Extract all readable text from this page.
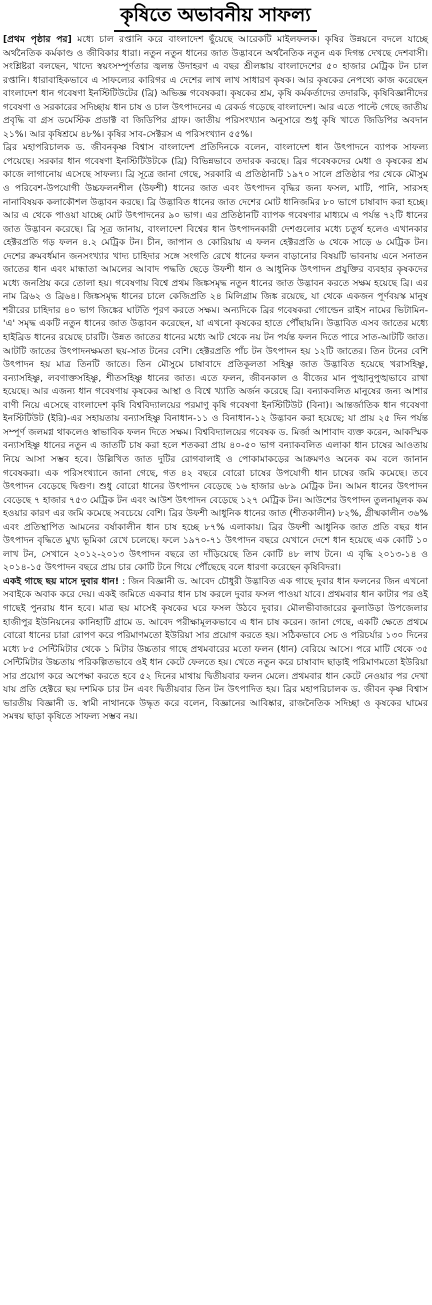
কৃষিতে অভাবনীয় সাফল্য

[প্রথম পৃষ্ঠার পর] মধ্যে চাল রপ্তানি করে বাংলাদেশ ছুঁয়েছে আরেকটি মাইলফলক। কৃষির উন্নয়নে বদলে যাচ্ছে অর্থনৈতিক কর্মকাণ্ড ও জীবিকার ধারা। নতুন নতুন ধানের জাত উদ্ভাবনে অর্থনৈতিক নতুন এক দিগন্ত দেখছে দেশবাসী। সংশ্লিষ্টরা বলছেন, খাদ্যে স্বয়ংসম্পূর্ণতার জ্বলন্ত উদাহরণ এ বছর শ্রীলঙ্কায় বাংলাদেশের ৫০ হাজার মেট্রিক টন চাল রপ্তানি। ধারাবাহিকভাবে এ সাফল্যের কারিগর এ দেশের লাখ লাখ সাধারণ কৃষক। আর কৃষকের নেপথ্যে কাজ করেছেন বাংলাদেশ ধান গবেষণা ইনস্টিটিউটের (ব্রি) অভিজ্ঞ গবেষকরা। কৃষকের শ্রম, কৃষি কর্মকর্তাদের তদারকি, কৃষিবিজ্ঞানীদের গবেষণা ও সরকারের সদিচ্ছায় ধান চাষ ও চাল উৎপাদনের এ রেকর্ড গড়েছে বাংলাদেশ। আর এতে পাল্টে গেছে জাতীয় প্রবৃদ্ধি বা গ্রস ডমেস্টিক প্রডাক্ট বা জিডিপির গ্রাফ। জাতীয় পরিসংখ্যান অনুসারে শুধু কৃষি খাতে জিডিপির অবদান ২১%। আর কৃষিশ্রমে ৪৮%। কৃষির সাব-সেক্টরস এ পরিসংখ্যান ৫৫%।

ব্রির মহাপরিচালক ড. জীবনকৃষ্ণ বিশ্বাস বাংলাদেশ প্রতিদিনকে বলেন, বাংলাদেশ ধান উৎপাদনে ব্যাপক সাফল্য পেয়েছে। সরকার ধান গবেষণা ইনস্টিটিউটকে (ব্রি) বিভিন্নভাবে তদারক করছে। ব্রির গবেষকদের মেধা ও কৃষকের শ্রম কাজে লাগানোয় এসেছে সাফল্য। ব্রি সূত্রে জানা গেছে, সরকারি এ প্রতিষ্ঠানটি ১৯৭০ সালে প্রতিষ্ঠার পর থেকে মৌসুম ও পরিবেশ-উপযোগী উচ্চফলনশীল (উফশী) ধানের জাত এবং উৎপাদন বৃদ্ধির জন্য ফসল, মাটি, পানি, সারসহ নানাবিষয়ক কলাকৌশল উদ্ভাবন করছে। ব্রি উদ্ভাবিত ধানের জাত দেশের মোট ধানিজমির ৮০ ভাগে চাষাবাদ করা হচ্ছে। আর এ থেকে পাওয়া যাচ্ছে মোট উৎপাদনের ৯০ ভাগ। এর প্রতিষ্ঠানটি ব্যাপক গবেষণার মাধ্যমে এ পর্যন্ত ৭২টি ধানের জাত উদ্ভাবন করেছে। ব্রি সূত্র জানায়, বাংলাদেশ বিশ্বের ধান উৎপাদনকারী দেশগুলোর মধ্যে চতুর্থ হলেও এখানকার হেক্টরপ্রতি গড় ফলন ৪.২ মেট্রিক টন। চীন, জাপান ও কোরিয়ায় এ ফলন হেক্টরপ্রতি ৬ থেকে সাড়ে ৬ মেট্রিক টন। দেশের ক্রমবর্ধমান জনসংখ্যার খাদ্য চাহিদার সঙ্গে সংগতি রেখে ধানের ফলন বাড়ানোর বিষয়টি ভাবনায় এনে সনাতন জাতের ধান এবং মান্ধাতা আমলের আবাদ পদ্ধতি ছেড়ে উফশী ধান ও আধুনিক উৎপাদন প্রযুক্তির ব্যবহার কৃষকদের মধ্যে জনপ্রিয় করে তোলা হয়। গবেষণায় বিশ্বে প্রথম জিঙ্কসমৃদ্ধ নতুন ধানের জাত উদ্ভাবন করতে সক্ষম হয়েছে ব্রি। এর নাম ব্রি৬২ ও ব্রি৬৪। জিঙ্কসমৃদ্ধ ধানের চালে কেজিপ্রতি ২৪ মিলিগ্রাম জিঙ্ক রয়েছে, যা থেকে একজন পূর্ণবয়স্ক মানুষ শরীরের চাহিদার ৪০ ভাগ জিঙ্কের ঘাটতি পূরণ করতে সক্ষম। অন্যদিকে ব্রির গবেষকরা গোল্ডেন রাইস নামের ভিটামিন-'এ' সমৃদ্ধ একটি নতুন ধানের জাত উদ্ভাবন করেছেন, যা এখনো কৃষকের হাতে পৌঁছায়নি। উদ্ভাবিত এসব জাতের মধ্যে হাইব্রিড ধানের রয়েছে চারটি। উন্নত জাতের ধানের মধ্যে আট থেকে নয় টন পর্যন্ত ফলন দিতে পারে সাত-আটটি জাত। আটটি জাতের উৎপাদনক্ষমতা ছয়-সাত টনের বেশি। হেক্টরপ্রতি পাঁচ টন উৎপাদন হয় ১২টি জাতের। তিন টনের বেশি উৎপাদন হয় মাত্র তিনটি জাতে। তিন মৌসুমে চাষাবাদে প্রতিকূলতা সহিষ্ণু জাত উদ্ভাবিত হয়েছে খরাসহিষ্ণু, বন্যাসহিষ্ণু, লবণাক্তসহিষ্ণু, শীতসহিষ্ণু ধানের জাত। এতে ফলন, জীবনকাল ও বীজের মান পুঙ্খানুপুঙ্খভাবে রাখা হয়েছে। আর এজন্য ধান গবেষণায় কৃষকের আস্থা ও বিশ্বে খ্যাতি অর্জন করেছে ব্রি। বন্যাকবলিত মানুষের জন্য আশার বাণী নিয়ে এসেছে বাংলাদেশ কৃষি বিশ্ববিদ্যালয়ের পরমাণু কৃষি গবেষণা ইনস্টিটিউট (বিনা)। আন্তর্জাতিক ধান গবেষণা ইনস্টিটিউট (ইরি)-এর সহায়তায় বন্যাসহিষ্ণু বিনাধান-১১ ও বিনাধান-১২ উদ্ভাবন করা হয়েছে; যা প্রায় ২৫ দিন পর্যন্ত সম্পূর্ণ জলমগ্ন থাকলেও স্বাভাবিক ফলন দিতে সক্ষম। বিশ্ববিদ্যালয়ের গবেষক ড. মির্জা আশাবাদ ব্যক্ত করেন, আকস্মিক বন্যাসহিষ্ণু ধানের নতুন এ জাতটি চাষ করা হলে শতকরা প্রায় ৪০-৫০ ভাগ বন্যাকবলিত এলাকা ধান চাষের আওতায় নিয়ে আসা সম্ভব হবে। উল্লিখিত জাত দুটির রোগবালাই ও পোকামাকড়ের আক্রমণও অনেক কম বলে জানান গবেষকরা। এক পরিসংখ্যানে জানা গেছে, গত ৪২ বছরে বোরো চাষের উপযোগী ধান চাষের জমি কমেছে। তবে উৎপাদন বেড়েছে দ্বিগুণ। শুধু বোরো ধানের উৎপাদন বেড়েছে ১৬ হাজার ৬৮৯ মেট্রিক টন। আমন ধানের উৎপাদন বেড়েছে ৭ হাজার ৭৫৩ মেট্রিক টন এবং আউশ উৎপাদন বেড়েছে ১২৭ মেট্রিক টন। আউশের উৎপাদন তুলনামূলক কম হওয়ার কারণ এর জমি কমেছে সবচেয়ে বেশি। ব্রির উফশী আধুনিক ধানের জাত (শীতকালীন) ৮২%, গ্রীষ্মকালীন ৩৬% এবং প্রতিস্থাপিত আমনের বর্ষাকালীন ধান চাষ হচ্ছে ৮৭% এলাকায়। ব্রির উফশী আধুনিক জাত প্রতি বছর ধান উৎপাদন বৃদ্ধিতে মুখ্য ভূমিকা রেখে চলেছে। ফলে ১৯৭০-৭১ উৎপাদন বছরে যেখানে দেশে ধান হয়েছে এক কোটি ১০ লাখ টন, সেখানে ২০১২-২০১৩ উৎপাদন বছরে তা দাঁড়িয়েছে তিন কোটি ৪৮ লাখ টনে। এ বৃদ্ধি ২০১৩-১৪ ও ২০১৪-১৫ উৎপাদন বছরে প্রায় চার কোটি টনে গিয়ে পৌঁছেছে বলে ধারণা করেছেন কৃষিবিদরা।

একই গাছে ছয় মাসে দুবার ধান! : জিন বিজ্ঞানী ড. আবেদ চৌধুরী উদ্ভাবিত এক গাছে দুবার ধান ফলনের জিন এখনো সবাইকে অবাক করে দেয়। একই জমিতে একবার ধান চাষ করলে দুবার ফসল পাওয়া যাবে। প্রথমবার ধান কাটার পর ওই গাছেই পুনরায় ধান হবে। মাত্র ছয় মাসেই কৃষকের ঘরে ফসল উঠবে দুবার। মৌলভীবাজারের কুলাউড়া উপজেলার হাজীপুর ইউনিয়নের কানিহাটি গ্রামে ড. আবেদ পরীক্ষামূলকভাবে এ ধান চাষ করেন। জানা গেছে, একটি ক্ষেতে প্রথমে বোরো ধানের চারা রোপণ করে পরিমাণমতো ইউরিয়া সার প্রয়োগ করতে হয়। সঠিকভাবে সেচ ও পরিচর্যার ১৩০ দিনের মধ্যে ৮৫ সেন্টিমিটার থেকে ১ মিটার উচ্চতার গাছে প্রথমবারের মতো ফলন (ধান) বেরিয়ে আসে। পরে মাটি থেকে ৩৫ সেন্টিমিটার উচ্চতায় পরিকল্পিতভাবে ওই ধান কেটে ফেলতে হয়। খেতে নতুন করে চাষাবাদ ছাড়াই পরিমাণমতো ইউরিয়া সার প্রয়োগ করে অপেক্ষা করতে হবে ৫২ দিনের মাথায় দ্বিতীয়বার ফলন মেলে। প্রথমবার ধান কেটে নেওয়ার পর দেখা যায় প্রতি হেক্টরে ছয় দশমিক চার টন এবং দ্বিতীয়বার তিন টন উৎপাদিত হয়। ব্রির মহাপরিচালক ড. জীবন কৃষ্ণ বিশ্বাস ভারতীয় বিজ্ঞানী ড. স্বামী নাথানকে উদ্ধৃত করে বলেন, বিজ্ঞানের আবিষ্কার, রাজনৈতিক সদিচ্ছা ও কৃষকের ঘামের সমন্বয় ছাড়া কৃষিতে সাফল্য সম্ভব নয়।
